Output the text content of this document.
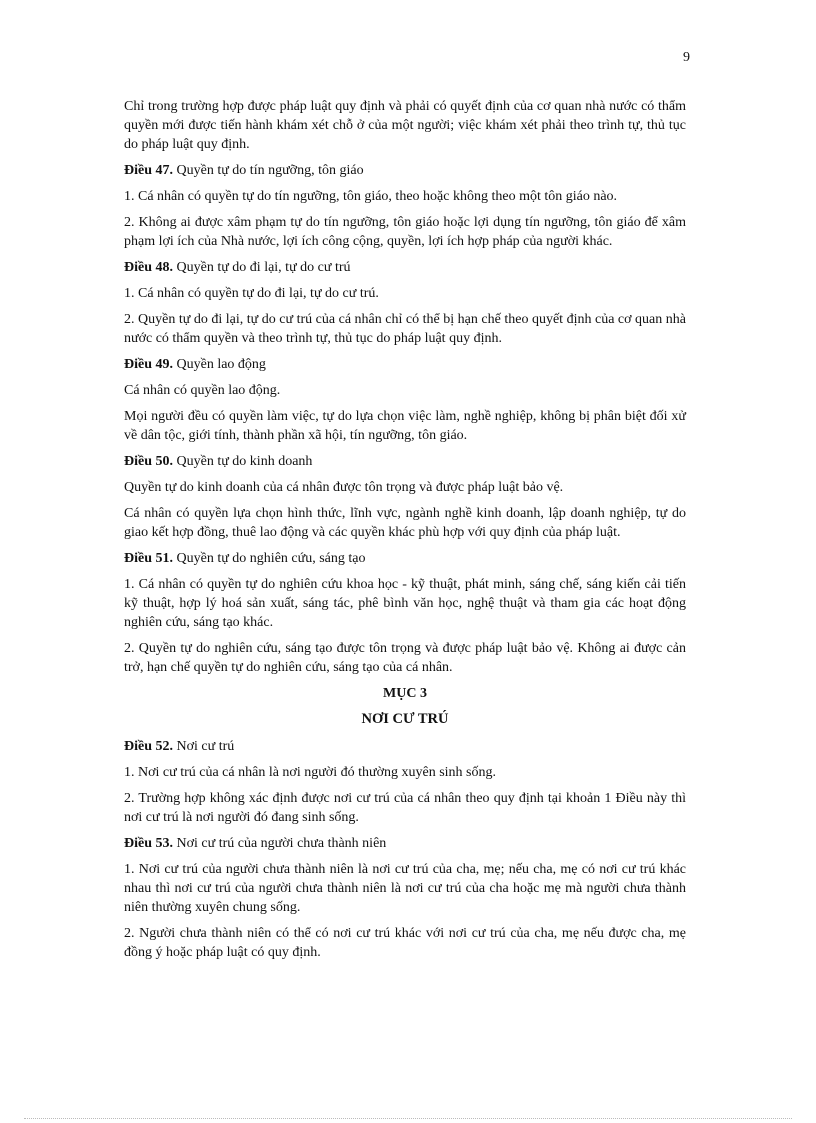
9

Chỉ trong trường hợp được pháp luật quy định và phải có quyết định của cơ quan nhà nước có thẩm quyền mới được tiến hành khám xét chỗ ở của một người; việc khám xét phải theo trình tự, thủ tục do pháp luật quy định.

Điều 47. Quyền tự do tín ngưỡng, tôn giáo

1. Cá nhân có quyền tự do tín ngưỡng, tôn giáo, theo hoặc không theo một tôn giáo nào.

2. Không ai được xâm phạm tự do tín ngưỡng, tôn giáo hoặc lợi dụng tín ngưỡng, tôn giáo để xâm phạm lợi ích của Nhà nước, lợi ích công cộng, quyền, lợi ích hợp pháp của người khác.

Điều 48. Quyền tự do đi lại, tự do cư trú

1. Cá nhân có quyền tự do đi lại, tự do cư trú.

2. Quyền tự do đi lại, tự do cư trú của cá nhân chỉ có thể bị hạn chế theo quyết định của cơ quan nhà nước có thẩm quyền và theo trình tự, thủ tục do pháp luật quy định.

Điều 49. Quyền lao động

Cá nhân có quyền lao động.

Mọi người đều có quyền làm việc, tự do lựa chọn việc làm, nghề nghiệp, không bị phân biệt đối xử về dân tộc, giới tính, thành phần xã hội, tín ngưỡng, tôn giáo.

Điều 50. Quyền tự do kinh doanh

Quyền tự do kinh doanh của cá nhân được tôn trọng và được pháp luật bảo vệ.

Cá nhân có quyền lựa chọn hình thức, lĩnh vực, ngành nghề kinh doanh, lập doanh nghiệp, tự do giao kết hợp đồng, thuê lao động và các quyền khác phù hợp với quy định của pháp luật.

Điều 51. Quyền tự do nghiên cứu, sáng tạo

1. Cá nhân có quyền tự do nghiên cứu khoa học - kỹ thuật, phát minh, sáng chế, sáng kiến cải tiến kỹ thuật, hợp lý hoá sản xuất, sáng tác, phê bình văn học, nghệ thuật và tham gia các hoạt động nghiên cứu, sáng tạo khác.

2. Quyền tự do nghiên cứu, sáng tạo được tôn trọng và được pháp luật bảo vệ. Không ai được cản trở, hạn chế quyền tự do nghiên cứu, sáng tạo của cá nhân.

MỤC 3
NƠI CƯ TRÚ
Điều 52. Nơi cư trú

1. Nơi cư trú của cá nhân là nơi người đó thường xuyên sinh sống.

2. Trường hợp không xác định được nơi cư trú của cá nhân theo quy định tại khoản 1 Điều này thì nơi cư trú là nơi người đó đang sinh sống.

Điều 53. Nơi cư trú của người chưa thành niên

1. Nơi cư trú của người chưa thành niên là nơi cư trú của cha, mẹ; nếu cha, mẹ có nơi cư trú khác nhau thì nơi cư trú của người chưa thành niên là nơi cư trú của cha hoặc mẹ mà người chưa thành niên thường xuyên chung sống.

2. Người chưa thành niên có thể có nơi cư trú khác với nơi cư trú của cha, mẹ nếu được cha, mẹ đồng ý hoặc pháp luật có quy định.
